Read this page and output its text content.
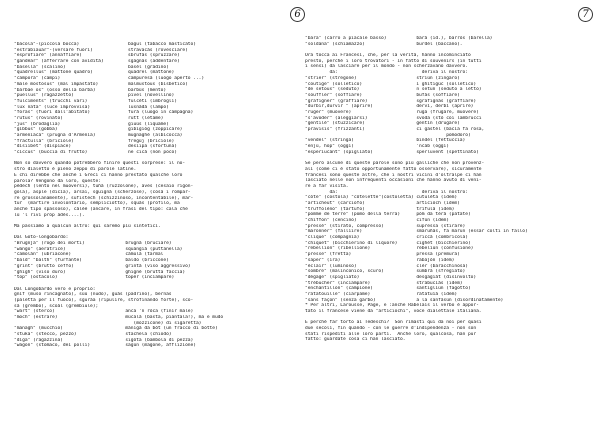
6	7
"bacola"-(piccola bocca)                  bagul (tabacco masticato)
"estrabiauar"-(versare fuori)             stravacàs (rovesciare)
"esprofiare" (annaffiare)                 sbrufàs (spruzzare)
"gandéar" (afferrare con avidità)         sgagnàs (addentare)
"basella" (scalino)                       basèl (gradino)
"quadrellus" (mattone quadro)             quadrel (mattone)
"campora" (campi)                         campuresà (luogo aperto ...)
"male mostosus" (mal impastato)           malmustous (bisbetico)
"barbae os" (osso della barba)            barbùs (mento)
"puellus" (ragazzetto)                    pivel (novellino)
"fulciments" (trucchi vari)               fulcèti (imbrogli)
"lux nata" (luce improvvisa)              lusnàdà (lampo)
"foras" (fuori dall'abitato)              furà (luogo in campagna)
"rutus" (rovinato)                        rutt (letame)
"jus" (brodaglia)                         giuùs (liquame)
"gibbus" (gobba)                          gibigiòg (zoppicare)
"armeniaca" (prugna d'Armenia)            mugnaghé (albicocca)
"fractulla" (briciole)                    fregùj (briciole)
"disiibet" (dispiace)                     desiipa (sfortuna)
"ciccus" (buccia di frutto)               ne cicà (non poco)

Non so davvero quando potrebbero finire questi sorprese: il no-
stro dialetto è pieno zeppo di parole latine.
E chi direbbe che anche i Greci ci hanno prestato qualche loro
parola? Vengono da loro, queste:
pèdech (lento nel muoversi), tuñà (ruzzolone), aves (cesaio rigon-
gola), asple (dicìa), arsai, sguignà (scherzòse), (cosà i rompar-
re grossolanamente), sufistech (schizzinoso, incontentabile), mar-
tur  (martire involontario, sempliciotto), squàs (profilo, ma
anche tipo spassoso), càlèè (ancare, in frasi del tipo: cala che
lù 'l rivi prop adès....).

Ma passiamo a qualcun altro: qui saremo più sintetici.

Dal Goto-longobardo:
"Brugnja" (rogo dei morti)               brugnà (bruciare)
"wango" (aeratrice)                      squangià (puttanella)
"camolàn" (ubriacone)                    càmùlà (tarmal
"bald" "balth" (furfante)                baldo (briccone)
"grint" (brutto ceffo)                   grintà (viso aggressivo)
"ghigh" (viso duro)                      ghigné (brutta faccia)
"top" (ostacolo)                         topèr (inciampare)

Dal Longobardo vero e proprio:
gnif (muso rincagnato), sùù (nudo), guàs (padrino), bernas
(paletta per il fuoco), sguràa (ripulire, strofinando forte), sco-
sà (grembo), scoàl (grembiule);
"wart" (sterco)                          anca 'n ròca (finir male)
"moch" (estrare)                         mùcalà (basta, piantala!), ma e mudo
(mozzicone) di sigaretta)
"managh" (mucchio)                       mànigà da bòt (un fracco di botte)
"stuka" (stecco, pezzo)                  stachela (chiodo)
"diga" (ragazzina)                       sigòta (bambola di pezza)
"wagon" (stomaco, dei polli)             sagùn (magone, afflizione)
"bara" (carro a piacale basso)           barà (id.), barròs (barella)
"soldana" (schiamazzo)                   burdèl (baccano).

Ora tocca ai Francesi, che, per la verità, hanno incominciato
presto, perché i loro trovatori - in fatto di souvenirs (in tutti
i sensi) da lasciare per il mondo - non scherzavano davvero.
da:                               deriva il nostro:
"strier" (stregone)                      striùn (zingaro)
"coutige" (solletico)                    i ghitigùc (solletico)
"de setous" (seduto)                     n setun (seduto a letto)
"souffler" (soffiare)                    bufàs (soffiare)
"grafigner" (graffiare)                  sgrafignàs (graffiare)
"durbir,durvir " (aprire)                dervì, derbì (aprire)
"ruger" (muovere)                        ruga (frugare, muovere)
"s'avoder" (aleggiarsi)                  svoda (stò coi lambrucci
"gentilé" (stuzzicare)                   gentìn (drugare)
"pravisis" (frizzanti)                   ci gastèl (bacia fa rosa,
pomodoro)
"vendel" (stringa)                       bindèl (fettuccia)
"enjù, hop" (oggi)                       'ncab (oggi)
"esperiucant" (spigliato)                sperluvent (spettinato)

Se pero alcune di queste parole sono più galliche che non provenz-
ali (come ci è stato opportunamente fatto osservare), sicuramente
francesi sono queste altre, che i nostri vicini d'oltralpe ci han
lasciato nelle non infrequenti occasioni che hanno avuto di veni-
re a far visita.
da:                               deriva il nostro:
"còte" (costola) "côtelette"(costoletta) cutulèta (idem)
"articheut" (carciofo)                   articiòch (idem)
"truffolèno" (tartufo)                   trìfulà (idem)
"pomme de terre" (pomo della terra)      pòm da tèrà (patate)
"chiffon" (cencino)                      cifùn (idem)
"pressé" (stirato, compresso)            supressa (stirare)
"maronnèr" (falliire)                    smaruñàs, fa marun (essar colti in fallo)
"clique" (compagnia)                     criccà (combricola)
"chiquet" (bicchierino di liquore)       cighèt (bicchierino)
"rebellion" (ribellione)                 rebelìùn (confusione)
"presse" (fretta)                        pressa (premura)
"saper" (ira)                            rabajòn (idem)
"éclair" (luminoso)                      clèr (baracchinosa)
"sombre" (malinconico, scuro)            sùmbrà (sfregiato)
"dégage" (spigliato)                     desgagiàt (disinvolto)
"trébucher" (inciampare)                 strabuciàs (idem)
"enchantillon" (campione)                santigliùn (fagotto)
"ratatouille" (ciarpame)                 ratatuìà (idem)
"sans façon" (senza garbo)               a la sanfàsùn (disordinatamente)
* Per altri, Larousse, Page, e :anche Rabelais il verbo è appor-
tato il francese viene da "articiochi", voce dialettale italiana.

E perché far torto ai Tedeschi?  Son rimasti qui da noi per quasi
due secoli, fin quando - con le guerre d'Indipendenza - non son
stati rispediti alle loro parti.  Anche loro, qualcosa, han pur
fatto: guardate cosa ci han lasciato.
